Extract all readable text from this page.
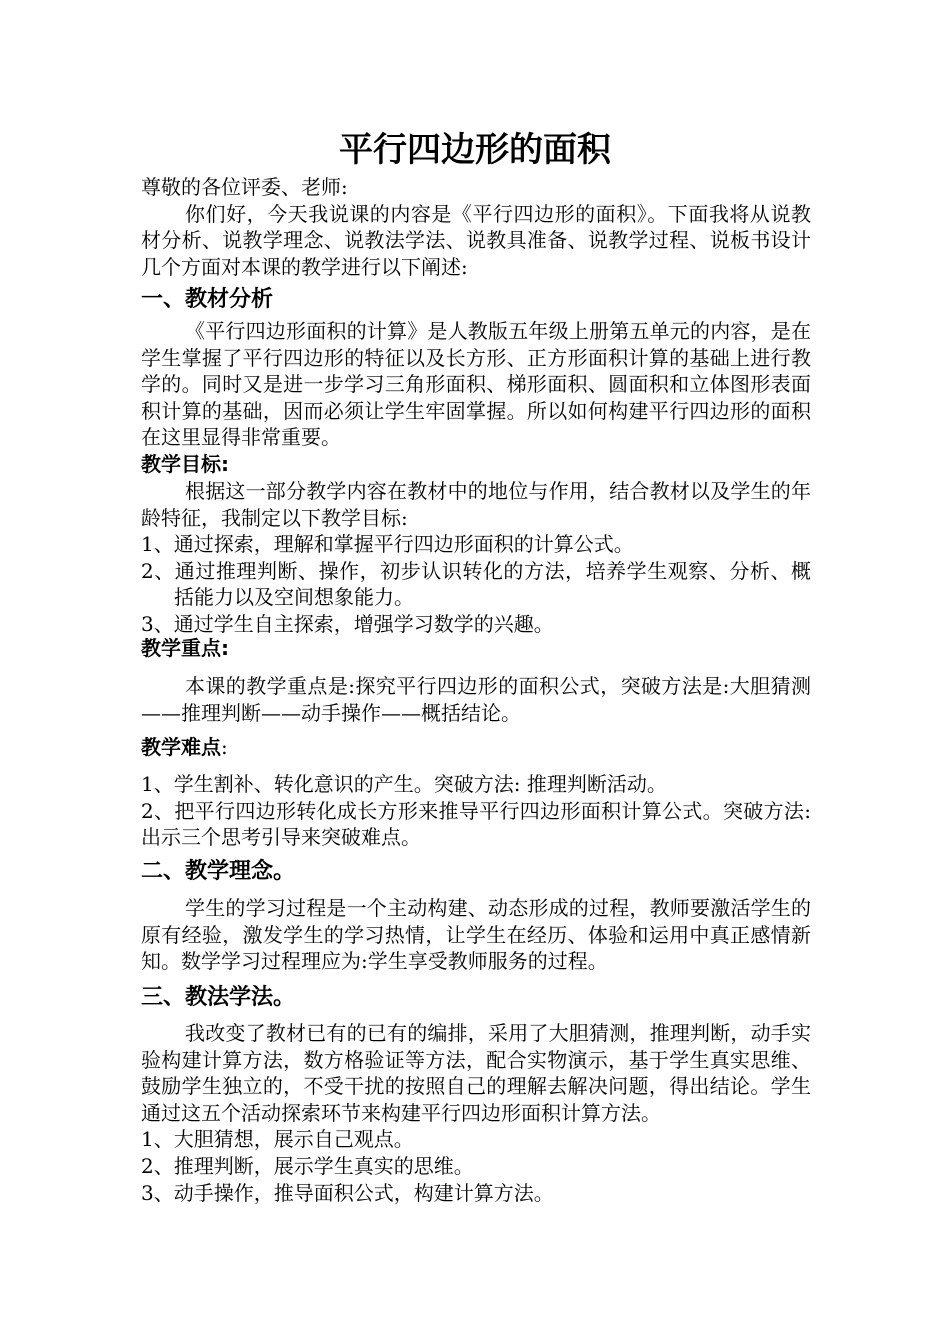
平行四边形的面积

尊敬的各位评委、老师:

你们好，今天我说课的内容是《平行四边形的面积》。下面我将从说教材分析、说教学理念、说教法学法、说教具准备、说教学过程、说板书设计几个方面对本课的教学进行以下阐述:

一、教材分析

《平行四边形面积的计算》是人教版五年级上册第五单元的内容，是在学生掌握了平行四边形的特征以及长方形、正方形面积计算的基础上进行教学的。同时又是进一步学习三角形面积、梯形面积、圆面积和立体图形表面积计算的基础，因而必须让学生牢固掌握。所以如何构建平行四边形的面积在这里显得非常重要。

教学目标:

根据这一部分教学内容在教材中的地位与作用，结合教材以及学生的年龄特征，我制定以下教学目标:

1、通过探索，理解和掌握平行四边形面积的计算公式。

2、通过推理判断、操作，初步认识转化的方法，培养学生观察、分析、概括能力以及空间想象能力。

3、通过学生自主探索，增强学习数学的兴趣。

教学重点:

本课的教学重点是:探究平行四边形的面积公式，突破方法是:大胆猜测——推理判断——动手操作——概括结论。

教学难点:

1、学生割补、转化意识的产生。突破方法: 推理判断活动。

2、把平行四边形转化成长方形来推导平行四边形面积计算公式。突破方法: 出示三个思考引导来突破难点。

二、教学理念。

学生的学习过程是一个主动构建、动态形成的过程，教师要激活学生的原有经验，激发学生的学习热情，让学生在经历、体验和运用中真正感情新知。数学学习过程理应为:学生享受教师服务的过程。

三、教法学法。

我改变了教材已有的已有的编排，采用了大胆猜测，推理判断，动手实验构建计算方法，数方格验证等方法，配合实物演示，基于学生真实思维、鼓励学生独立的，不受干扰的按照自己的理解去解决问题，得出结论。学生通过这五个活动探索环节来构建平行四边形面积计算方法。

1、大胆猜想，展示自己观点。

2、推理判断，展示学生真实的思维。

3、动手操作，推导面积公式，构建计算方法。
